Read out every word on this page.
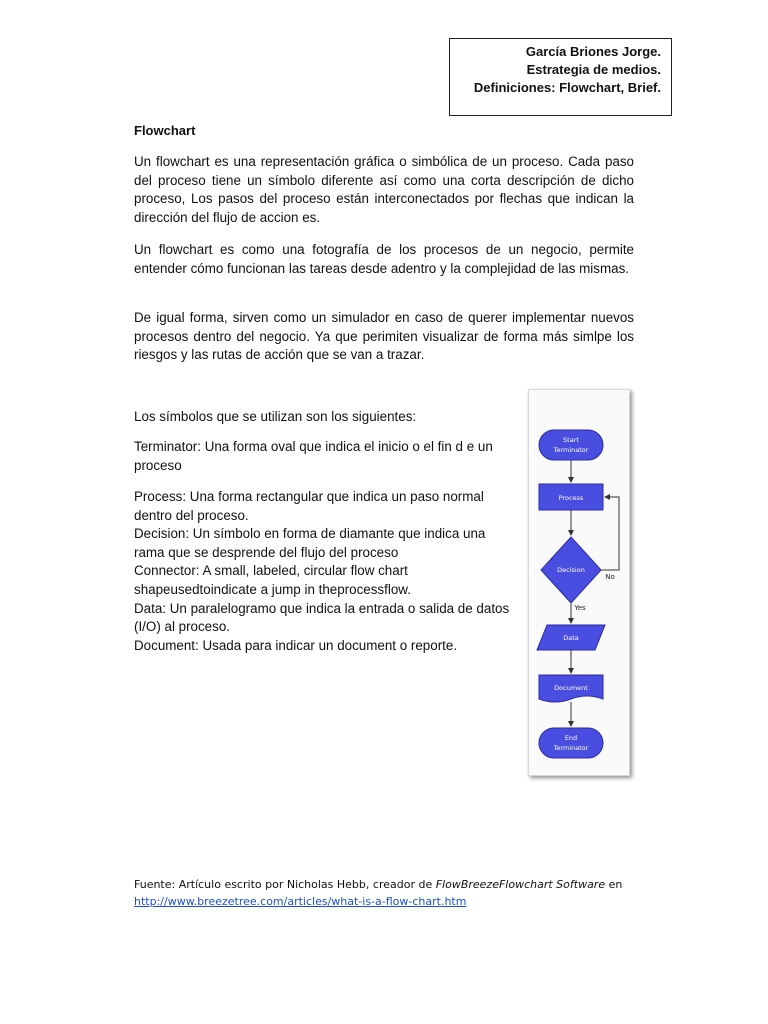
García Briones Jorge.
Estrategia de medios.
Definiciones: Flowchart, Brief.
Flowchart

Un flowchart es una representación gráfica o simbólica de un proceso. Cada paso del proceso tiene un símbolo diferente así como una corta descripción de dicho proceso, Los pasos del proceso están interconectados por flechas que indican la dirección del flujo de accion es.

Un flowchart es como una fotografía de los procesos de un negocio, permite entender cómo funcionan las tareas desde adentro y la complejidad de las mismas.

De igual forma, sirven como un simulador en caso de querer implementar nuevos procesos dentro del negocio. Ya que perimiten visualizar de forma más simlpe los riesgos y las rutas de acción que se van a trazar.

Los símbolos que se utilizan son los siguientes:
Terminator: Una forma oval que indica el inicio o el fin d e un proceso
Process: Una forma rectangular que indica un paso normal dentro del proceso.
Decision: Un símbolo en forma de diamante que indica una rama que se desprende del flujo del proceso
Connector: A small, labeled, circular flow chart shapeusedtoindicate a jump in theprocessflow.
Data: Un paralelogramo que indica la entrada o salida de datos (I/O) al proceso.
Document: Usada para indicar un document o reporte.
Start
Terminator
Process
Decision
No
Yes
Data
Document
End
Terminator
Fuente: Artículo escrito por Nicholas Hebb, creador de FlowBreezeFlowchart Software en
http://www.breezetree.com/articles/what-is-a-flow-chart.htm
